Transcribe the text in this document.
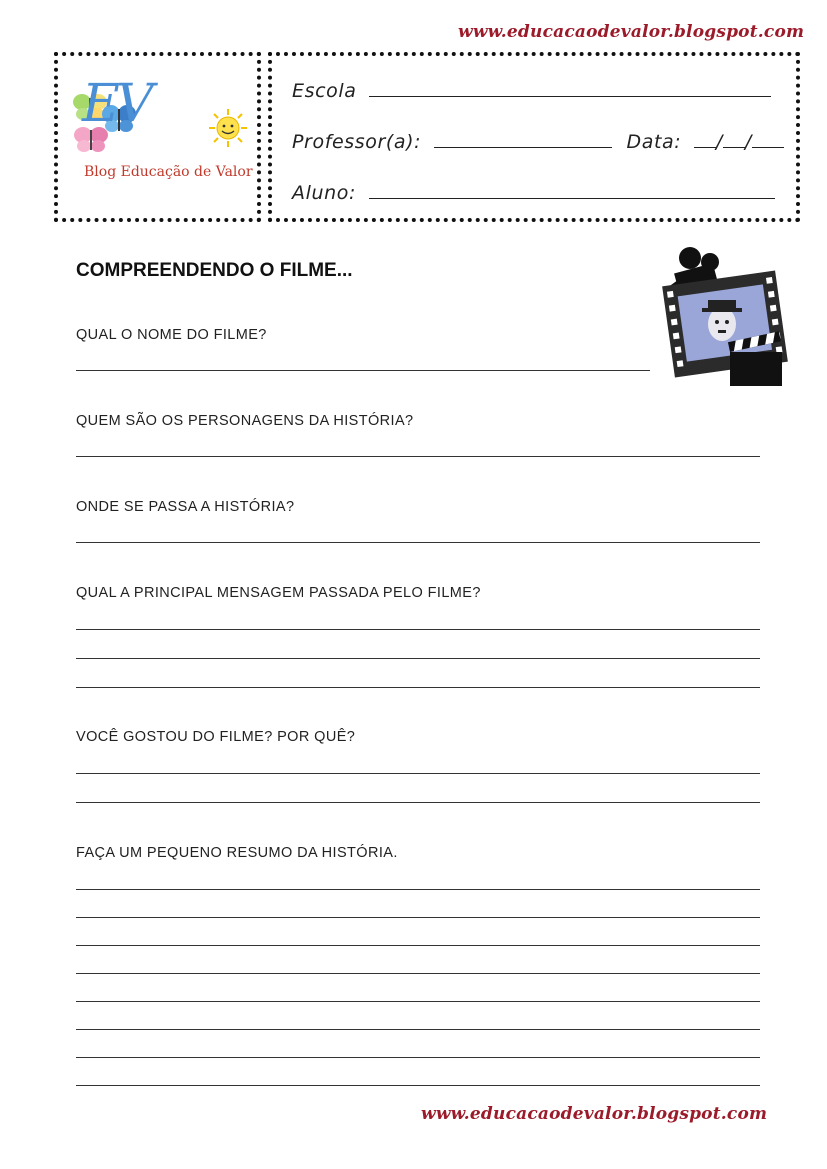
www.educacaodevalor.blogspot.com
EV
Blog Educação de Valor
Escola
Professor(a):	Data: / /
Aluno:
COMPREENDENDO O FILME...
QUAL O NOME DO FILME?
QUEM SÃO OS PERSONAGENS DA HISTÓRIA?
ONDE SE PASSA A HISTÓRIA?
QUAL A PRINCIPAL MENSAGEM PASSADA PELO FILME?
VOCÊ GOSTOU DO FILME? POR QUÊ?
FAÇA UM PEQUENO RESUMO DA HISTÓRIA.
www.educacaodevalor.blogspot.com
